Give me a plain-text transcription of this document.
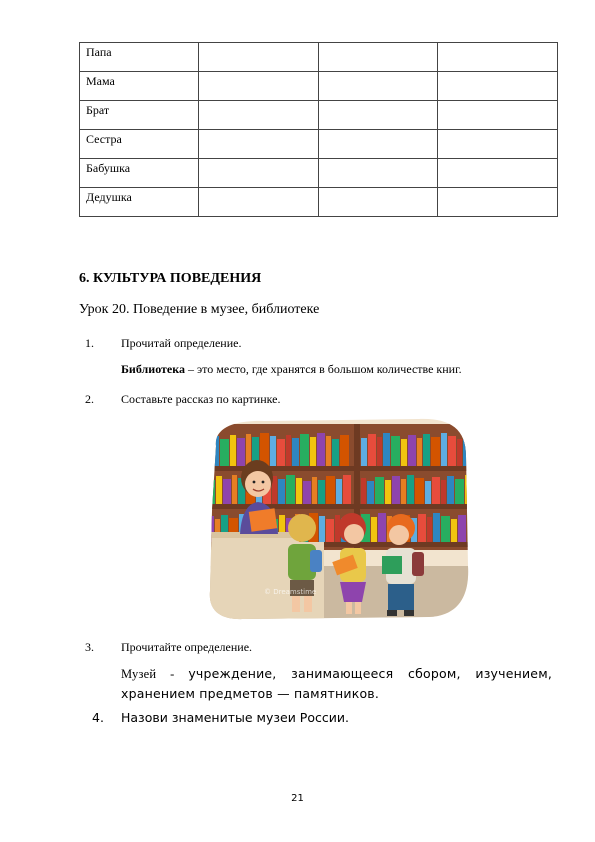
Папа			
Мама			
Брат			
Сестра			
Бабушка			
Дедушка			
6. КУЛЬТУРА ПОВЕДЕНИЯ

Урок 20. Поведение в музее, библиотеке

1. Прочитай определение.

Библиотека – это место, где хранятся в большом количестве книг.

2. Составьте рассказ по картинке.
© Dreamstime
3. Прочитайте определение.

Музей - учреждение, занимающееся сбором, изучением, хранением предметов — памятников.

4. Назови знаменитые музеи России.
21
